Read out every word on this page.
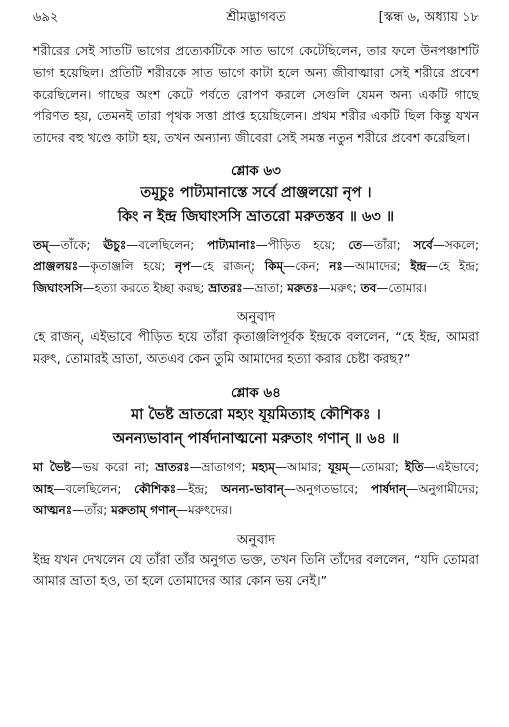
৬৯২	শ্রীমদ্ভাগবত	[স্কন্ধ ৬, অধ্যায় ১৮

শরীরের সেই সাতটি ভাগের প্রত্যেকটিকে সাত ভাগে কেটেছিলেন, তার ফলে উনপঞ্চাশটি ভাগ হয়েছিল। প্রতিটি শরীরকে সাত ভাগে কাটা হলে অন্য জীবাত্মারা সেই শরীরে প্রবেশ করেছিলেন। গাছের অংশ কেটে পর্বতে রোপণ করলে সেগুলি যেমন অন্য একটি গাছে পরিণত হয়, তেমনই তারা পৃথক সত্তা প্রাপ্ত হয়েছিলেন। প্রথম শরীর একটি ছিল কিন্তু যখন তাদের বহু খণ্ডে কাটা হয়, তখন অন্যান্য জীবেরা সেই সমস্ত নতুন শরীরে প্রবেশ করেছিল।

শ্লোক ৬৩

তমূচুঃ পাট্যমানাস্তে সর্বে প্রাঞ্জলয়ো নৃপ ।

কিং ন ইন্দ্র জিঘাংসসি ভ্রাতরো মরুতস্তব ॥ ৬৩ ॥

তম্—তাঁকে; ঊচুঃ—বলেছিলেন; পাট্যমানাঃ—পীড়িত হয়ে; তে—তাঁরা; সর্বে—সকলে; প্রাঞ্জলয়ঃ—কৃতাঞ্জলি হয়ে; নৃপ—হে রাজন্; কিম্—কেন; নঃ—আমাদের; ইন্দ্র—হে ইন্দ্র; জিঘাংসসি—হত্যা করতে ইচ্ছা করছ; ভ্রাতরঃ—ভ্রাতা; মরুতঃ—মরুৎ; তব—তোমার।

অনুবাদ

হে রাজন্, এইভাবে পীড়িত হয়ে তাঁরা কৃতাঞ্জলিপূর্বক ইন্দ্রকে বললেন, “হে ইন্দ্র, আমরা মরুৎ, তোমারই ভ্রাতা, অতএব কেন তুমি আমাদের হত্যা করার চেষ্টা করছ?”

শ্লোক ৬৪

মা ভৈষ্ট ভ্রাতরো মহ্যং যূয়মিত্যাহ কৌশিকঃ ।

অনন্যভাবান্ পার্ষদানাত্মনো মরুতাং গণান্ ॥ ৬৪ ॥

মা ভৈষ্ট—ভয় করো না; ভ্রাতরঃ—ভ্রাতাগণ; মহ্যম্—আমার; যূয়ম্—তোমরা; ইতি—এইভাবে; আহ—বলেছিলেন; কৌশিকঃ—ইন্দ্র; অনন্য-ভাবান্—অনুগতভাবে; পার্ষদান্—অনুগামীদের; আত্মনঃ—তাঁর; মরুতাম্ গণান্—মরুৎদের।

অনুবাদ

ইন্দ্র যখন দেখলেন যে তাঁরা তাঁর অনুগত ভক্ত, তখন তিনি তাঁদের বললেন, “যদি তোমরা আমার ভ্রাতা হও, তা হলে তোমাদের আর কোন ভয় নেই।”
